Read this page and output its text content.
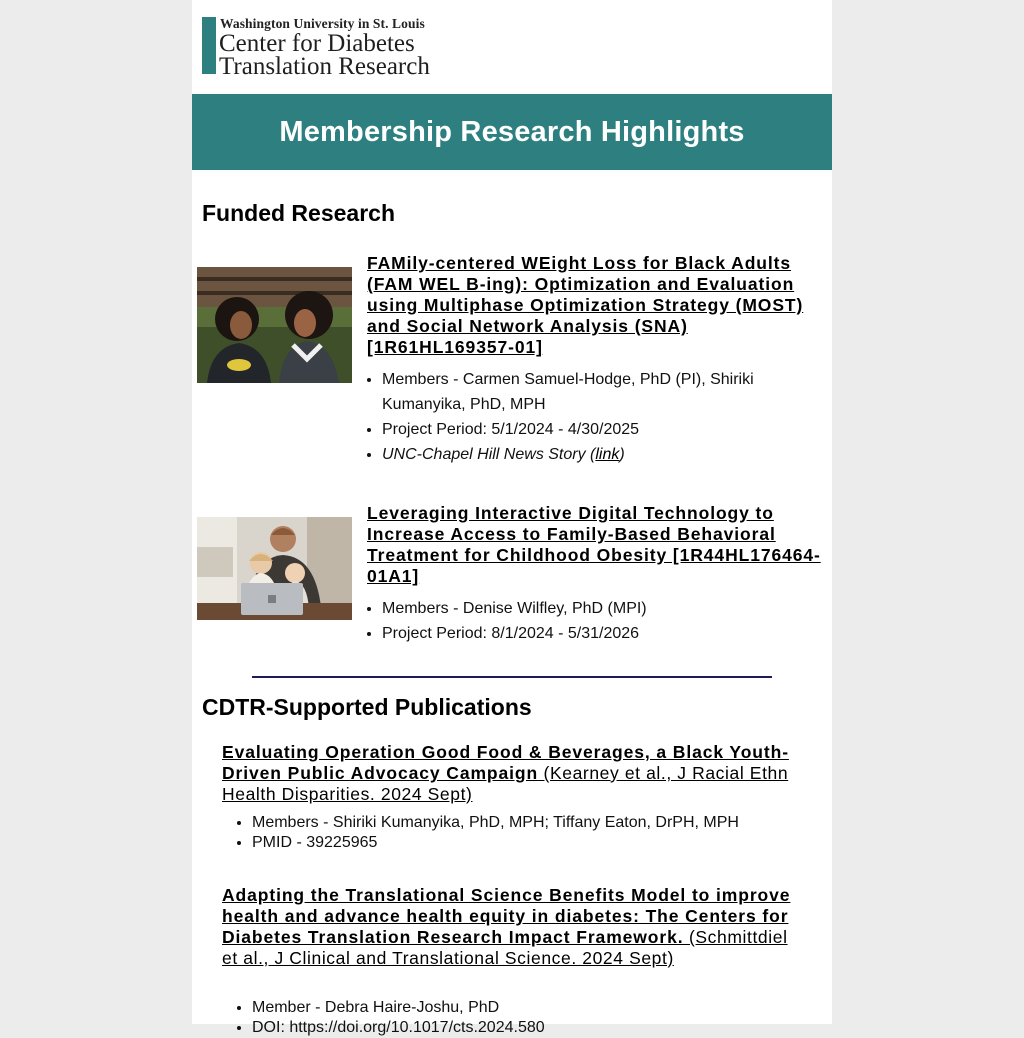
Washington University in St. Louis
Center for Diabetes
Translation Research
Membership Research Highlights
Funded Research

FAMily-centered WEight Loss for Black Adults (FAM WEL B-ing): Optimization and Evaluation using Multiphase Optimization Strategy (MOST) and Social Network Analysis (SNA) [1R61HL169357-01]

• Members - Carmen Samuel-Hodge, PhD (PI), Shiriki Kumanyika, PhD, MPH
• Project Period: 5/1/2024 - 4/30/2025
• UNC-Chapel Hill News Story (link)

Leveraging Interactive Digital Technology to Increase Access to Family-Based Behavioral Treatment for Childhood Obesity [1R44HL176464-01A1]

• Members - Denise Wilfley, PhD (MPI)
• Project Period: 8/1/2024 - 5/31/2026
CDTR-Supported Publications

Evaluating Operation Good Food & Beverages, a Black Youth-Driven Public Advocacy Campaign (Kearney et al., J Racial Ethn Health Disparities. 2024 Sept)

• Members - Shiriki Kumanyika, PhD, MPH; Tiffany Eaton, DrPH, MPH
• PMID - 39225965

Adapting the Translational Science Benefits Model to improve health and advance health equity in diabetes: The Centers for Diabetes Translation Research Impact Framework. (Schmittdiel et al., J Clinical and Translational Science. 2024 Sept)

• Member - Debra Haire-Joshu, PhD
• DOI: https://doi.org/10.1017/cts.2024.580
